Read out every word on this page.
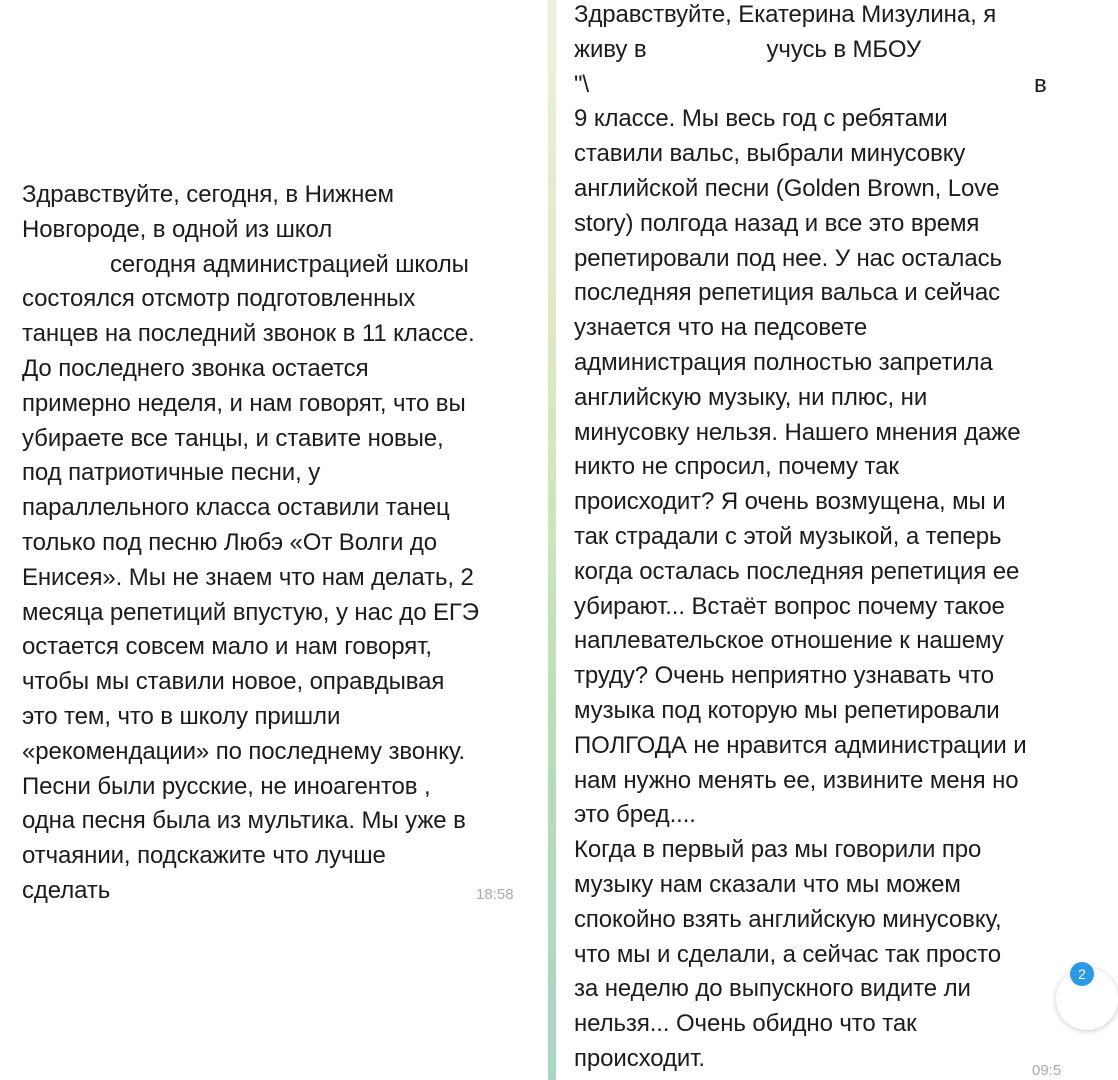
Здравствуйте, сегодня, в Нижнем
Новгороде, в одной из школ
сегодня администрацией школы
состоялся отсмотр подготовленных
танцев на последний звонок в 11 классе.
До последнего звонка остается
примерно неделя, и нам говорят, что вы
убираете все танцы, и ставите новые,
под патриотичные песни, у
параллельного класса оставили танец
только под песню Любэ «От Волги до
Енисея». Мы не знаем что нам делать, 2
месяца репетиций впустую, у нас до ЕГЭ
остается совсем мало и нам говорят,
чтобы мы ставили новое, оправдывая
это тем, что в школу пришли
«рекомендации» по последнему звонку.
Песни были русские, не иноагентов ,
одна песня была из мультика. Мы уже в
отчаянии, подскажите что лучше
сделать	18:58
Здравствуйте, Екатерина Мизулина, я
живу в	учусь в МБОУ
"\	в
9 классе. Мы весь год с ребятами
ставили вальс, выбрали минусовку
английской песни (Golden Brown, Love
story) полгода назад и все это время
репетировали под нее. У нас осталась
последняя репетиция вальса и сейчас
узнается что на педсовете
администрация полностью запретила
английскую музыку, ни плюс, ни
минусовку нельзя. Нашего мнения даже
никто не спросил, почему так
происходит? Я очень возмущена, мы и
так страдали с этой музыкой, а теперь
когда осталась последняя репетиция ее
убирают... Встаёт вопрос почему такое
наплевательское отношение к нашему
труду? Очень неприятно узнавать что
музыка под которую мы репетировали
ПОЛГОДА не нравится администрации и
нам нужно менять ее, извините меня но
это бред....
Когда в первый раз мы говорили про
музыку нам сказали что мы можем
спокойно взять английскую минусовку,
что мы и сделали, а сейчас так просто
за неделю до выпускного видите ли
нельзя... Очень обидно что так
происходит.	09:5
2
